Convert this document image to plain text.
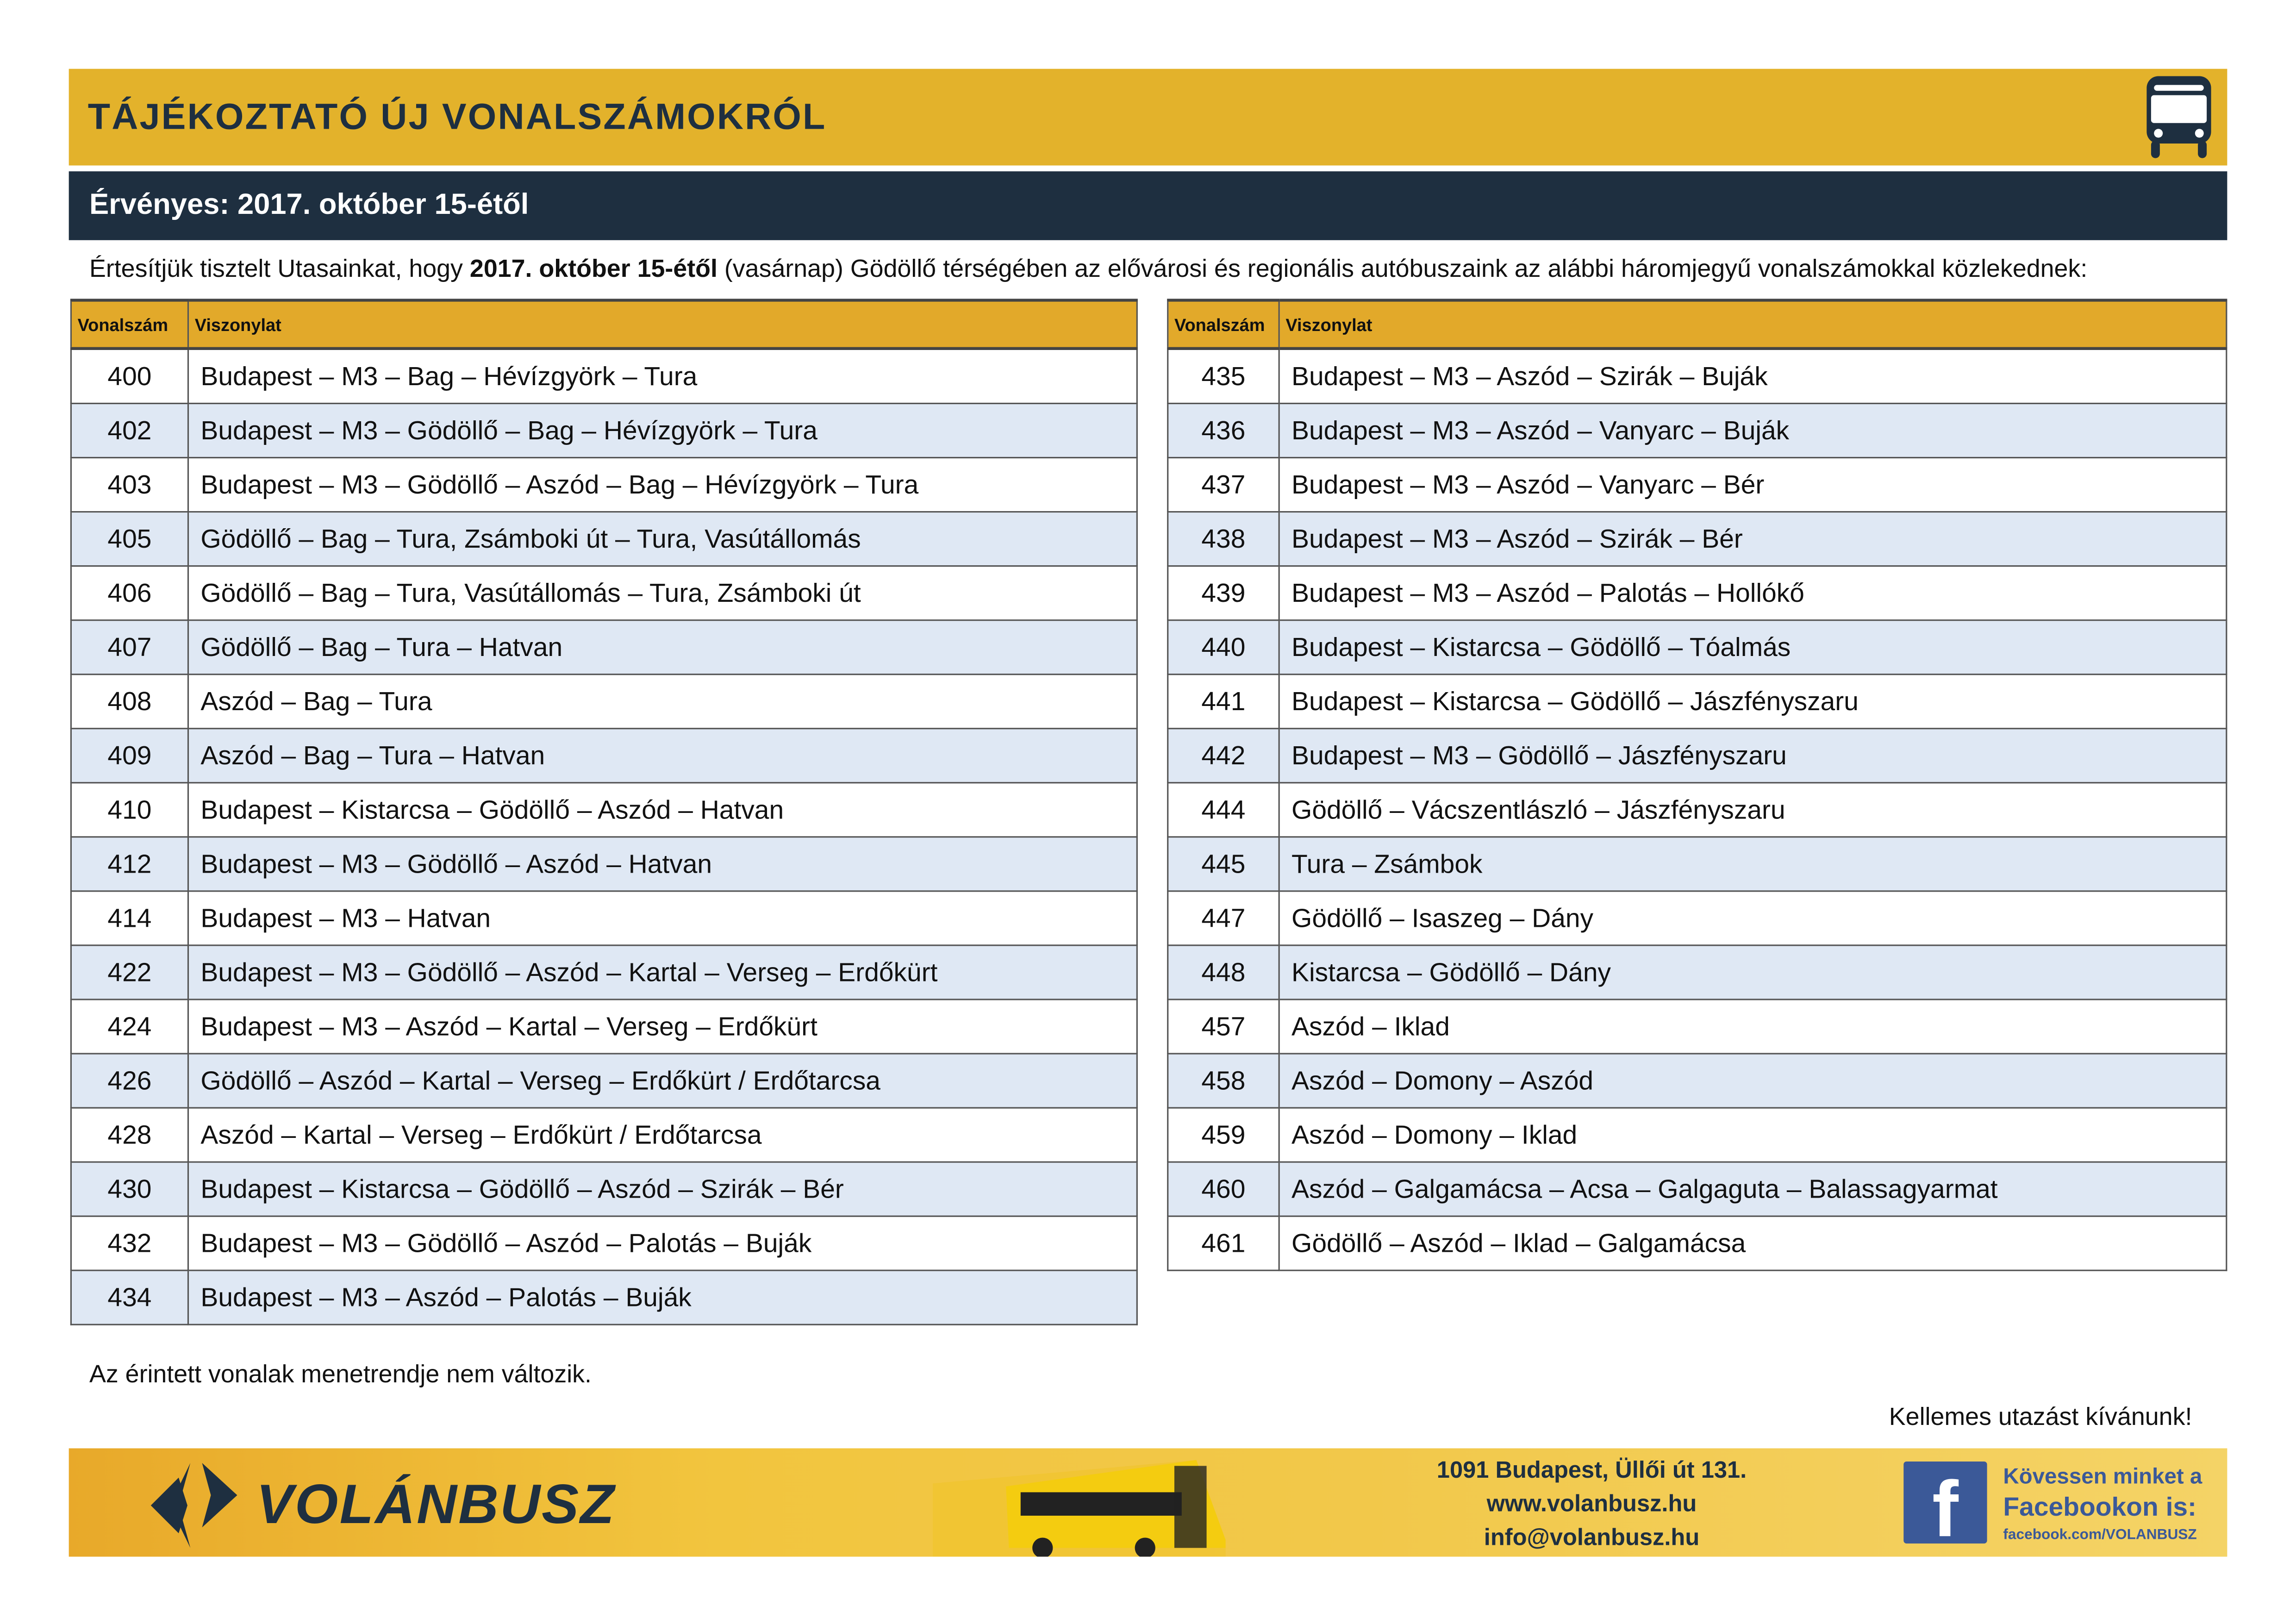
TÁJÉKOZTATÓ ÚJ VONALSZÁMOKRÓL
Érvényes: 2017. október 15-étől
Értesítjük tisztelt Utasainkat, hogy 2017. október 15-étől (vasárnap) Gödöllő térségében az elővárosi és regionális autóbuszaink az alábbi háromjegyű vonalszámokkal közlekednek:
Vonalszám	Viszonylat
400	Budapest – M3 – Bag – Hévízgyörk – Tura
402	Budapest – M3 – Gödöllő – Bag – Hévízgyörk – Tura
403	Budapest – M3 – Gödöllő – Aszód – Bag – Hévízgyörk – Tura
405	Gödöllő – Bag – Tura, Zsámboki út – Tura, Vasútállomás
406	Gödöllő – Bag – Tura, Vasútállomás – Tura, Zsámboki út
407	Gödöllő – Bag – Tura – Hatvan
408	Aszód – Bag – Tura
409	Aszód – Bag – Tura – Hatvan
410	Budapest – Kistarcsa – Gödöllő – Aszód – Hatvan
412	Budapest – M3 – Gödöllő – Aszód – Hatvan
414	Budapest – M3 – Hatvan
422	Budapest – M3 – Gödöllő – Aszód – Kartal – Verseg – Erdőkürt
424	Budapest – M3 – Aszód – Kartal – Verseg – Erdőkürt
426	Gödöllő – Aszód – Kartal – Verseg – Erdőkürt / Erdőtarcsa
428	Aszód – Kartal – Verseg – Erdőkürt / Erdőtarcsa
430	Budapest – Kistarcsa – Gödöllő – Aszód – Szirák – Bér
432	Budapest – M3 – Gödöllő – Aszód – Palotás – Buják
434	Budapest – M3 – Aszód – Palotás – Buják
Vonalszám	Viszonylat
435	Budapest – M3 – Aszód – Szirák – Buják
436	Budapest – M3 – Aszód – Vanyarc – Buják
437	Budapest – M3 – Aszód – Vanyarc – Bér
438	Budapest – M3 – Aszód – Szirák – Bér
439	Budapest – M3 – Aszód – Palotás – Hollókő
440	Budapest – Kistarcsa – Gödöllő – Tóalmás
441	Budapest – Kistarcsa – Gödöllő – Jászfényszaru
442	Budapest – M3 – Gödöllő – Jászfényszaru
444	Gödöllő – Vácszentlászló – Jászfényszaru
445	Tura – Zsámbok
447	Gödöllő – Isaszeg – Dány
448	Kistarcsa – Gödöllő – Dány
457	Aszód – Iklad
458	Aszód – Domony – Aszód
459	Aszód – Domony – Iklad
460	Aszód – Galgamácsa – Acsa – Galgaguta – Balassagyarmat
461	Gödöllő – Aszód – Iklad – Galgamácsa
Az érintett vonalak menetrendje nem változik.
Kellemes utazást kívánunk!
VOLÁNBUSZ
1091 Budapest, Üllői út 131.
www.volanbusz.hu
info@volanbusz.hu	f	Kövessen minket a
Facebookon is:
facebook.com/VOLANBUSZ
